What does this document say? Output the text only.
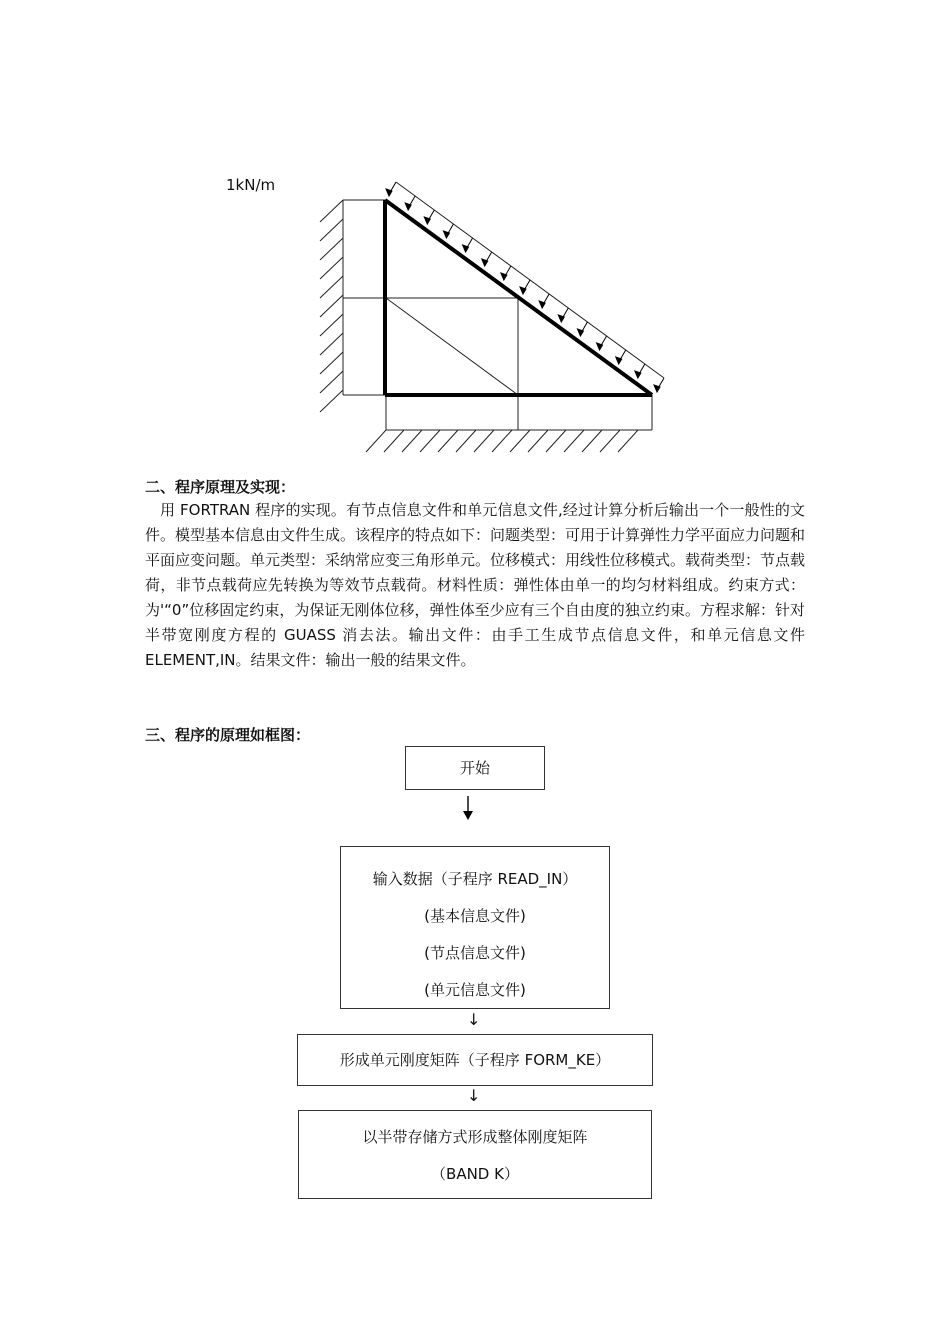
1kN/m
二、程序原理及实现：
用 FORTRAN 程序的实现。有节点信息文件和单元信息文件,经过计算分析后输出一个一般性的文件。模型基本信息由文件生成。该程序的特点如下：问题类型：可用于计算弹性力学平面应力问题和平面应变问题。单元类型：采纳常应变三角形单元。位移模式：用线性位移模式。载荷类型：节点载荷，非节点载荷应先转换为等效节点载荷。材料性质：弹性体由单一的均匀材料组成。约束方式：为'“0”位移固定约束，为保证无刚体位移，弹性体至少应有三个自由度的独立约束。方程求解：针对半带宽刚度方程的 GUASS 消去法。输出文件：由手工生成节点信息文件，和单元信息文件 ELEMENT,IN。结果文件：输出一般的结果文件。
三、程序的原理如框图：
开始
输入数据（子程序 READ_IN）
(基本信息文件)
(节点信息文件)
(单元信息文件)
↓
形成单元刚度矩阵（子程序 FORM_KE）
↓
以半带存储方式形成整体刚度矩阵
（BAND K）
